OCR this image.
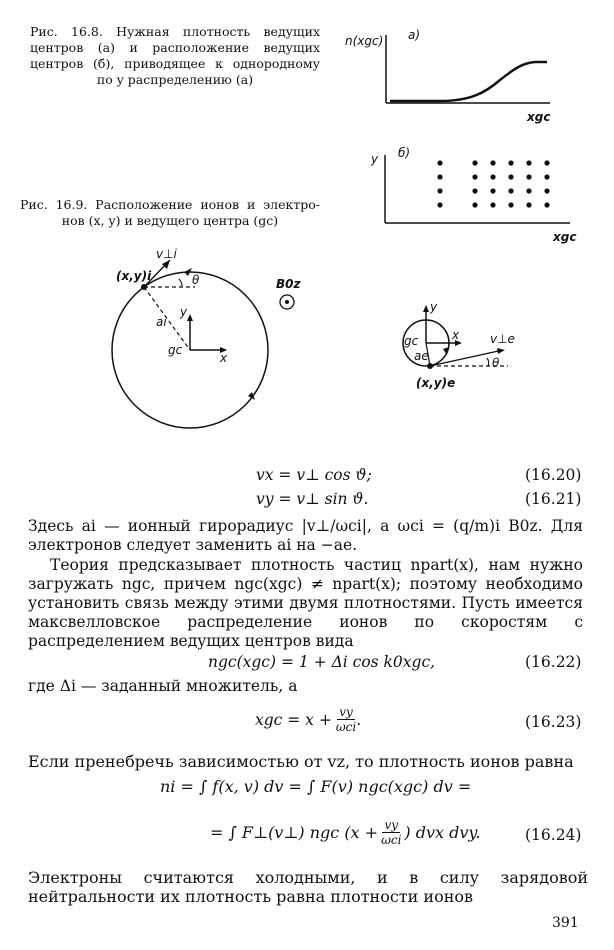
Рис. 16.8. Нужная плотность ведущих
центров (a) и расположение ведущих
центров (б), приводящее к однородному
по y распределению (a)
Рис. 16.9. Расположение ионов и электро-
нов (x, y) и ведущего центра (gc)
n(xgc) a)
xgc
y б)
xgc
v⊥i
(x,y)i	θ
ai
y
gc
x
B0z
y
gc
ae
x	v⊥e
θ
(x,y)e
vx = v⊥ cos ϑ;	(16.20)
vy = v⊥ sin ϑ.	(16.21)
Здесь ai — ионный гирорадиус |v⊥/ωci|, а ωci = (q/m)i B0z. Для электронов следует заменить ai на −ae.
Теория предсказывает плотность частиц npart(x), нам нужно загружать ngc, причем ngc(xgc) ≠ npart(x); поэтому необходимо установить связь между этими двумя плотностями. Пусть имеется максвелловское распределение ионов по скоростям с распределением ведущих центров вида
ngc(xgc) = 1 + Δi cos k0xgc,	(16.22)
где Δi — заданный множитель, а
xgc = x + vy
ωci .	(16.23)
Если пренебречь зависимостью от vz, то плотность ионов равна
ni = ∫ f(x, v) dv = ∫ F(v) ngc(xgc) dv =
= ∫ F⊥(v⊥) ngc (x + vy
ωci ) dvx dvy.	(16.24)
Электроны считаются холодными, и в силу зарядовой нейтральности их плотность равна плотности ионов
391
